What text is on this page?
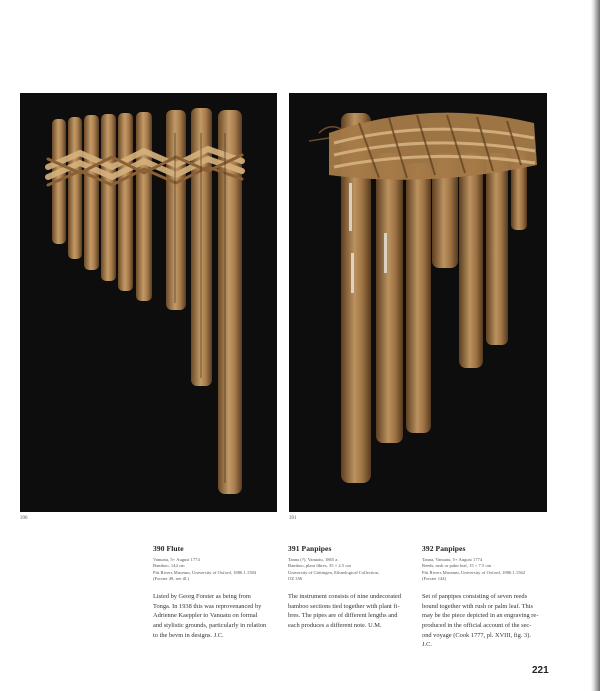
390	391
390 Flute
Vanuatu, 5+ August 1774
Bamboo, 144 cm
Pitt Rivers Museum, University of Oxford, 1886.1.1584
(Forster 49, see ill.)
Listed by Georg Forster as being from
Tonga. In 1938 this was reprovenanced by
Adrienne Kaeppler to Vanuatu on formal
and stylistic grounds, particularly in relation
to the bevm in designs. J.C.
391 Panpipes
Tanna (?), Vanuatu, 1865 a.
Bamboo, plant fibres, 35 × 2.5 cm
University of Göttingen, Ethnological Collection,
OZ 356
The instrument consists of nine undecorated
bamboo sections tied together with plant fi-
bres. The pipes are of different lengths and
each produces a different note. U.M.
392 Panpipes
Tanna, Vanuatu, 5+ August 1774
Reeds, rush or palm leaf, 15 × 7.5 cm
Pitt Rivers Museum, University of Oxford, 1886.1.1562
(Forster 144)
Set of panpipes consisting of seven reeds
bound together with rush or palm leaf. This
may be the piece depicted in an engraving re-
produced in the official account of the sec-
ond voyage (Cook 1777, pl. XVIII, fig. 3).
J.C.
221
